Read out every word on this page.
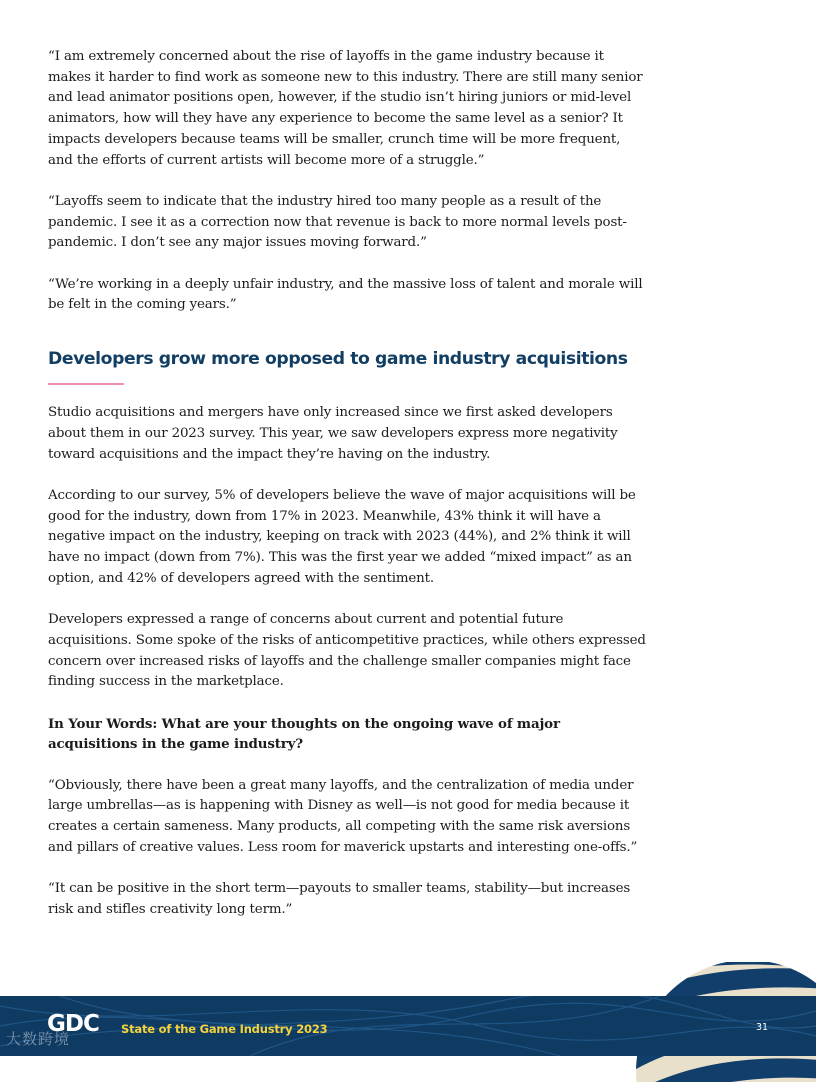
“I am extremely concerned about the rise of layoffs in the game industry because it makes it harder to find work as someone new to this industry. There are still many senior and lead animator positions open, however, if the studio isn’t hiring juniors or mid-level animators, how will they have any experience to become the same level as a senior? It impacts developers because teams will be smaller, crunch time will be more frequent, and the efforts of current artists will become more of a struggle.”

“Layoffs seem to indicate that the industry hired too many people as a result of the pandemic. I see it as a correction now that revenue is back to more normal levels post-pandemic. I don’t see any major issues moving forward.”

“We’re working in a deeply unfair industry, and the massive loss of talent and morale will be felt in the coming years.”

Developers grow more opposed to game industry acquisitions

Studio acquisitions and mergers have only increased since we first asked developers about them in our 2023 survey. This year, we saw developers express more negativity toward acquisitions and the impact they’re having on the industry.

According to our survey, 5% of developers believe the wave of major acquisitions will be good for the industry, down from 17% in 2023. Meanwhile, 43% think it will have a negative impact on the industry, keeping on track with 2023 (44%), and 2% think it will have no impact (down from 7%). This was the first year we added “mixed impact” as an option, and 42% of developers agreed with the sentiment.

Developers expressed a range of concerns about current and potential future acquisitions. Some spoke of the risks of anticompetitive practices, while others expressed concern over increased risks of layoffs and the challenge smaller companies might face finding success in the marketplace.

In Your Words: What are your thoughts on the ongoing wave of major acquisitions in the game industry?

“Obviously, there have been a great many layoffs, and the centralization of media under large umbrellas—as is happening with Disney as well—is not good for media because it creates a certain sameness. Many products, all competing with the same risk aversions and pillars of creative values. Less room for maverick upstarts and interesting one-offs.”

“It can be positive in the short term—payouts to smaller teams, stability—but increases risk and stifles creativity long term.”

GDC State of the Game Industry 2023	31
大数跨境
